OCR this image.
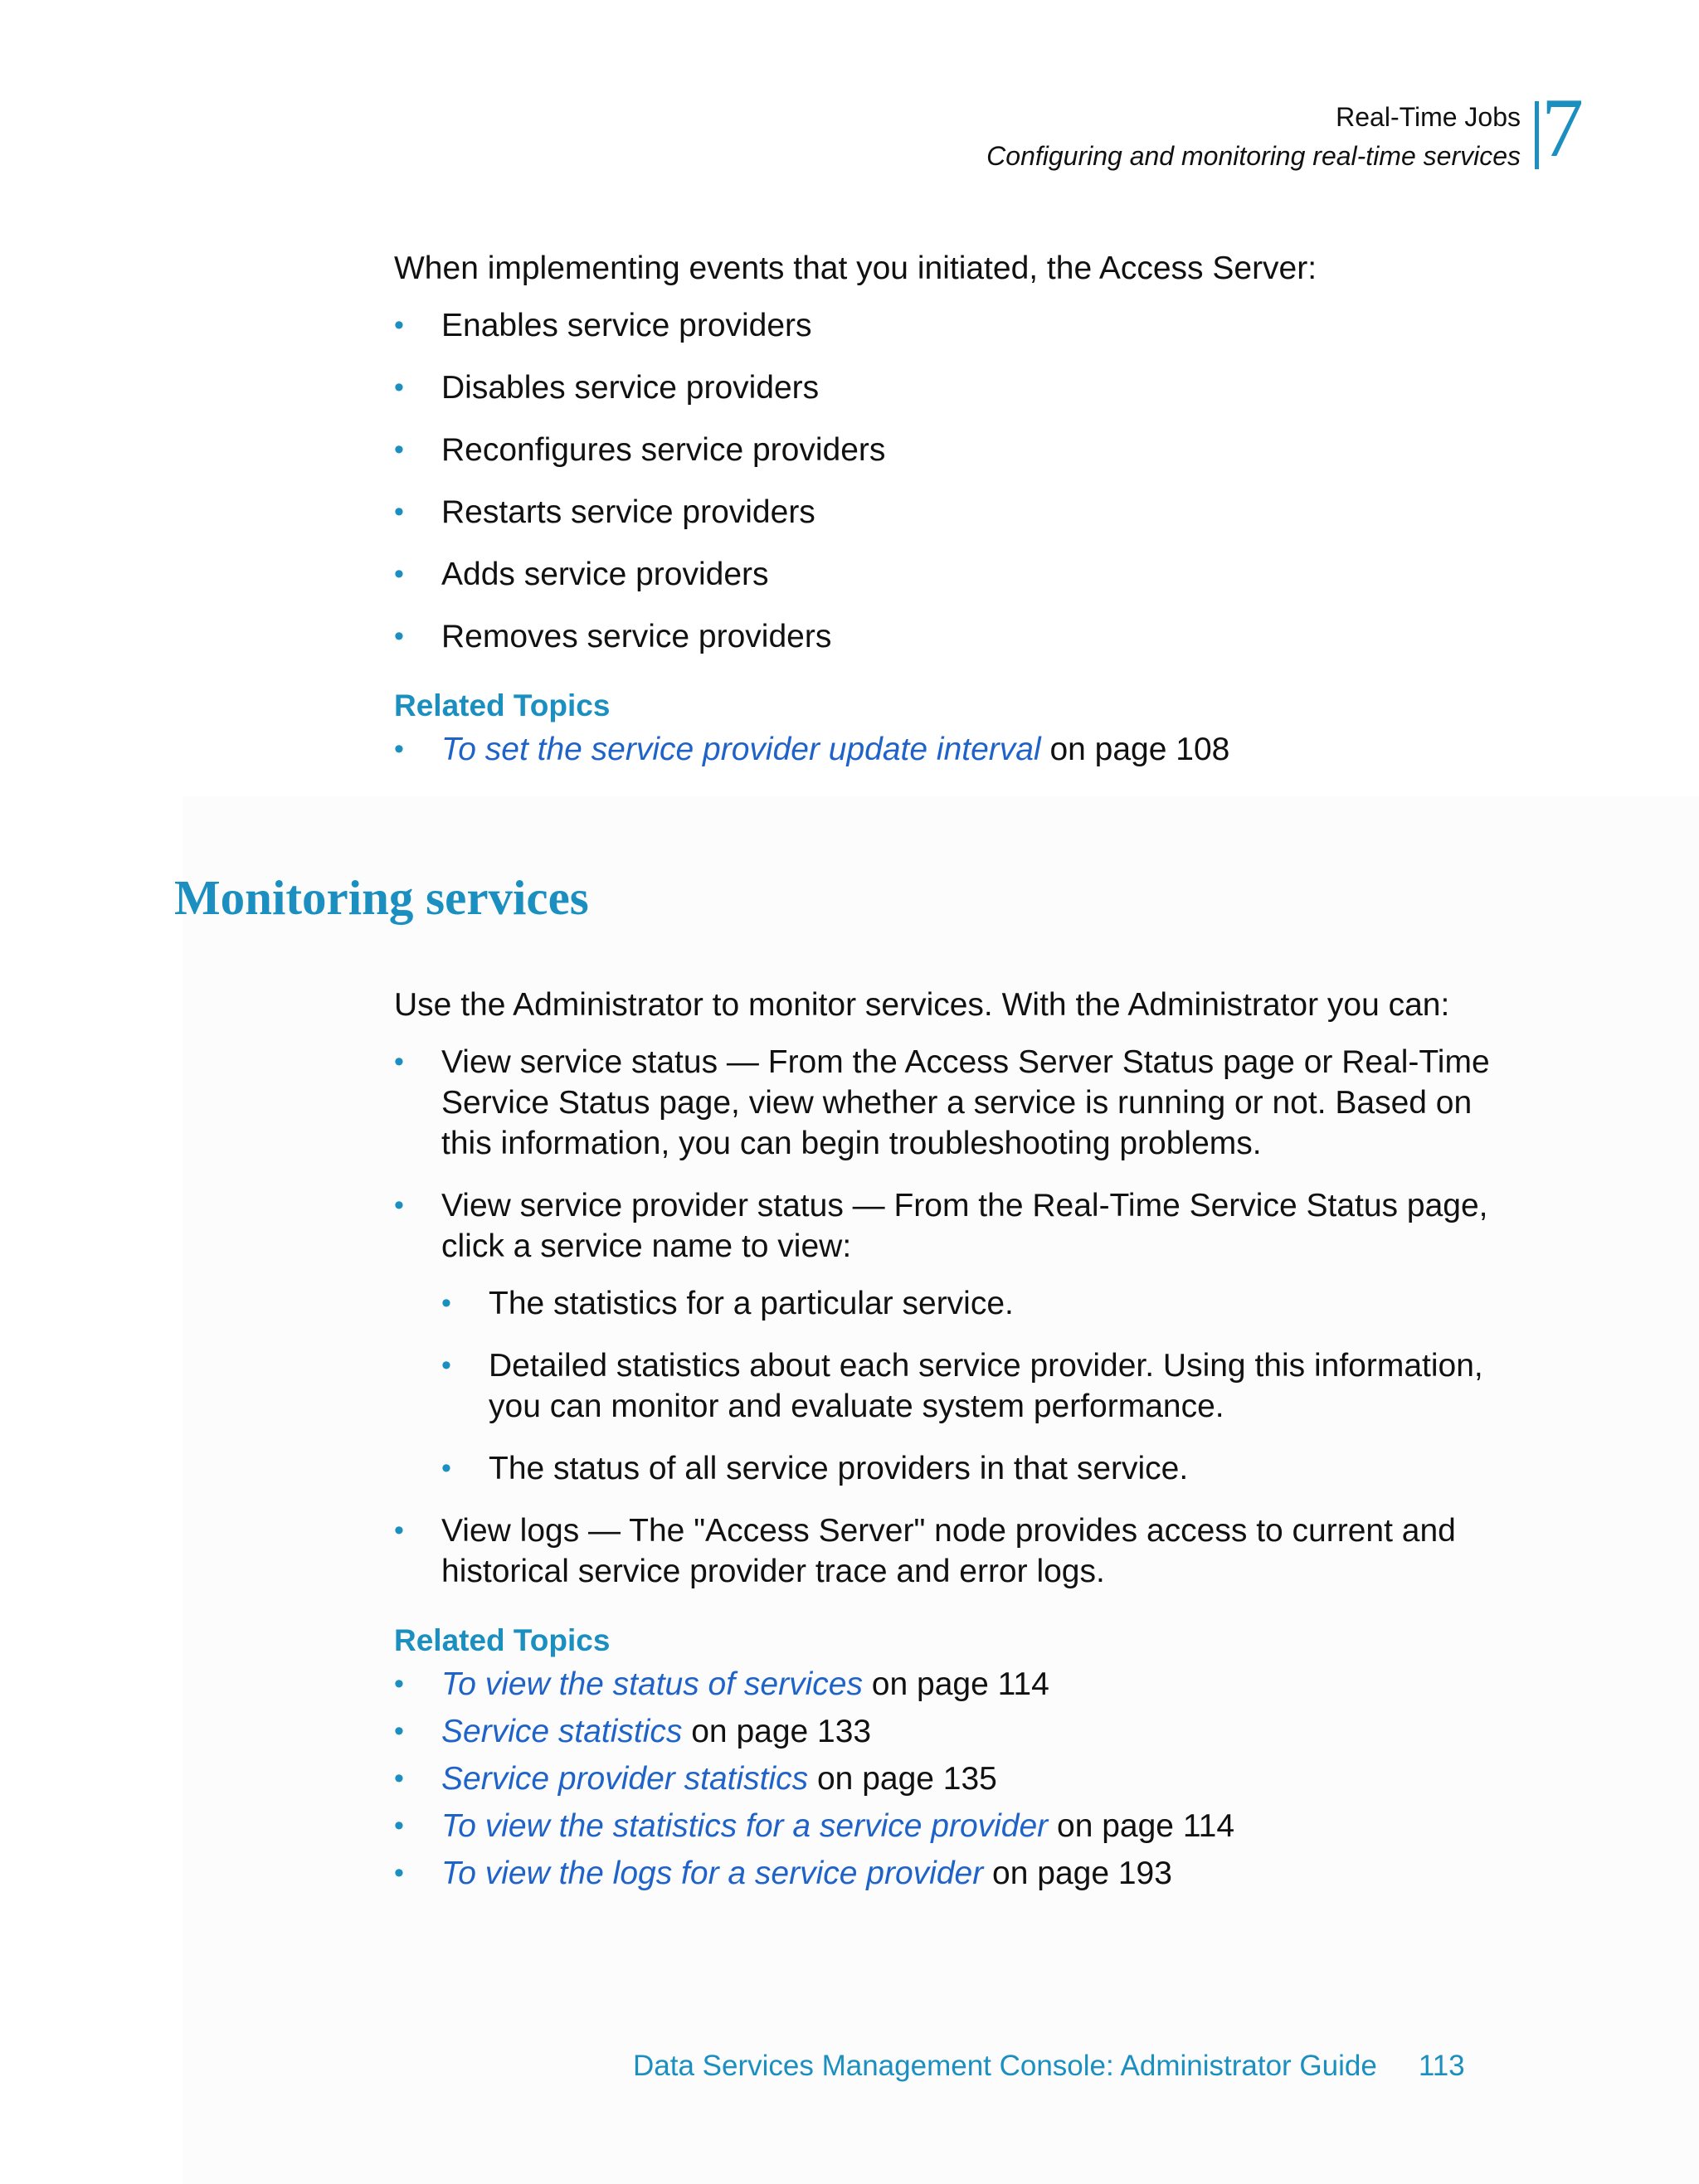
Real-Time Jobs
Configuring and monitoring real-time services 7

When implementing events that you initiated, the Access Server:

• Enables service providers
• Disables service providers
• Reconfigures service providers
• Restarts service providers
• Adds service providers
• Removes service providers

Related Topics

• To set the service provider update interval on page 108
Monitoring services

Use the Administrator to monitor services. With the Administrator you can:

• View service status — From the Access Server Status page or Real-Time Service Status page, view whether a service is running or not. Based on this information, you can begin troubleshooting problems.
• View service provider status — From the Real-Time Service Status page, click a service name to view:
• The statistics for a particular service.
• Detailed statistics about each service provider. Using this information, you can monitor and evaluate system performance.
• The status of all service providers in that service.
• View logs — The "Access Server" node provides access to current and historical service provider trace and error logs.

Related Topics

• To view the status of services on page 114
• Service statistics on page 133
• Service provider statistics on page 135
• To view the statistics for a service provider on page 114
• To view the logs for a service provider on page 193
Data Services Management Console: Administrator Guide 113
